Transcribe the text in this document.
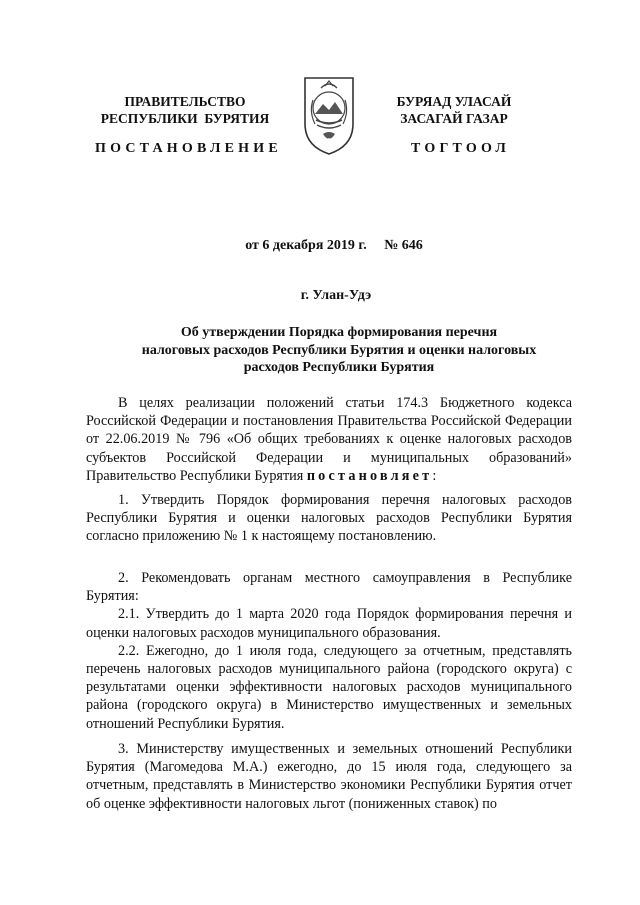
ПРАВИТЕЛЬСТВО
РЕСПУБЛИКИ  БУРЯТИЯ
ПОСТАНОВЛЕНИЕ
БУРЯАД УЛАСАЙ
ЗАСАГАЙ ГАЗАР
ТОГТООЛ
от 6 декабря 2019 г. № 646
г. Улан-Удэ
Об утверждении Порядка формирования перечня
налоговых расходов Республики Бурятия и оценки налоговых
расходов Республики Бурятия

В целях реализации положений статьи 174.3 Бюджетного кодекса Российской Федерации и постановления Правительства Российской Федерации от 22.06.2019 № 796 «Об общих требованиях к оценке налоговых расходов субъектов Российской Федерации и муниципальных образований» Правительство Республики Бурятия постановляет:

1. Утвердить Порядок формирования перечня налоговых расходов Республики Бурятия и оценки налоговых расходов Республики Бурятия согласно приложению № 1 к настоящему постановлению.

2. Рекомендовать органам местного самоуправления в Республике Бурятия:

2.1. Утвердить до 1 марта 2020 года Порядок формирования перечня и оценки налоговых расходов муниципального образования.

2.2. Ежегодно, до 1 июля года, следующего за отчетным, представлять перечень налоговых расходов муниципального района (городского округа) с результатами оценки эффективности налоговых расходов муниципального района (городского округа) в Министерство имущественных и земельных отношений Республики Бурятия.

3. Министерству имущественных и земельных отношений Республики Бурятия (Магомедова М.А.) ежегодно, до 15 июля года, следующего за отчетным, представлять в Министерство экономики Республики Бурятия отчет об оценке эффективности налоговых льгот (пониженных ставок) по
